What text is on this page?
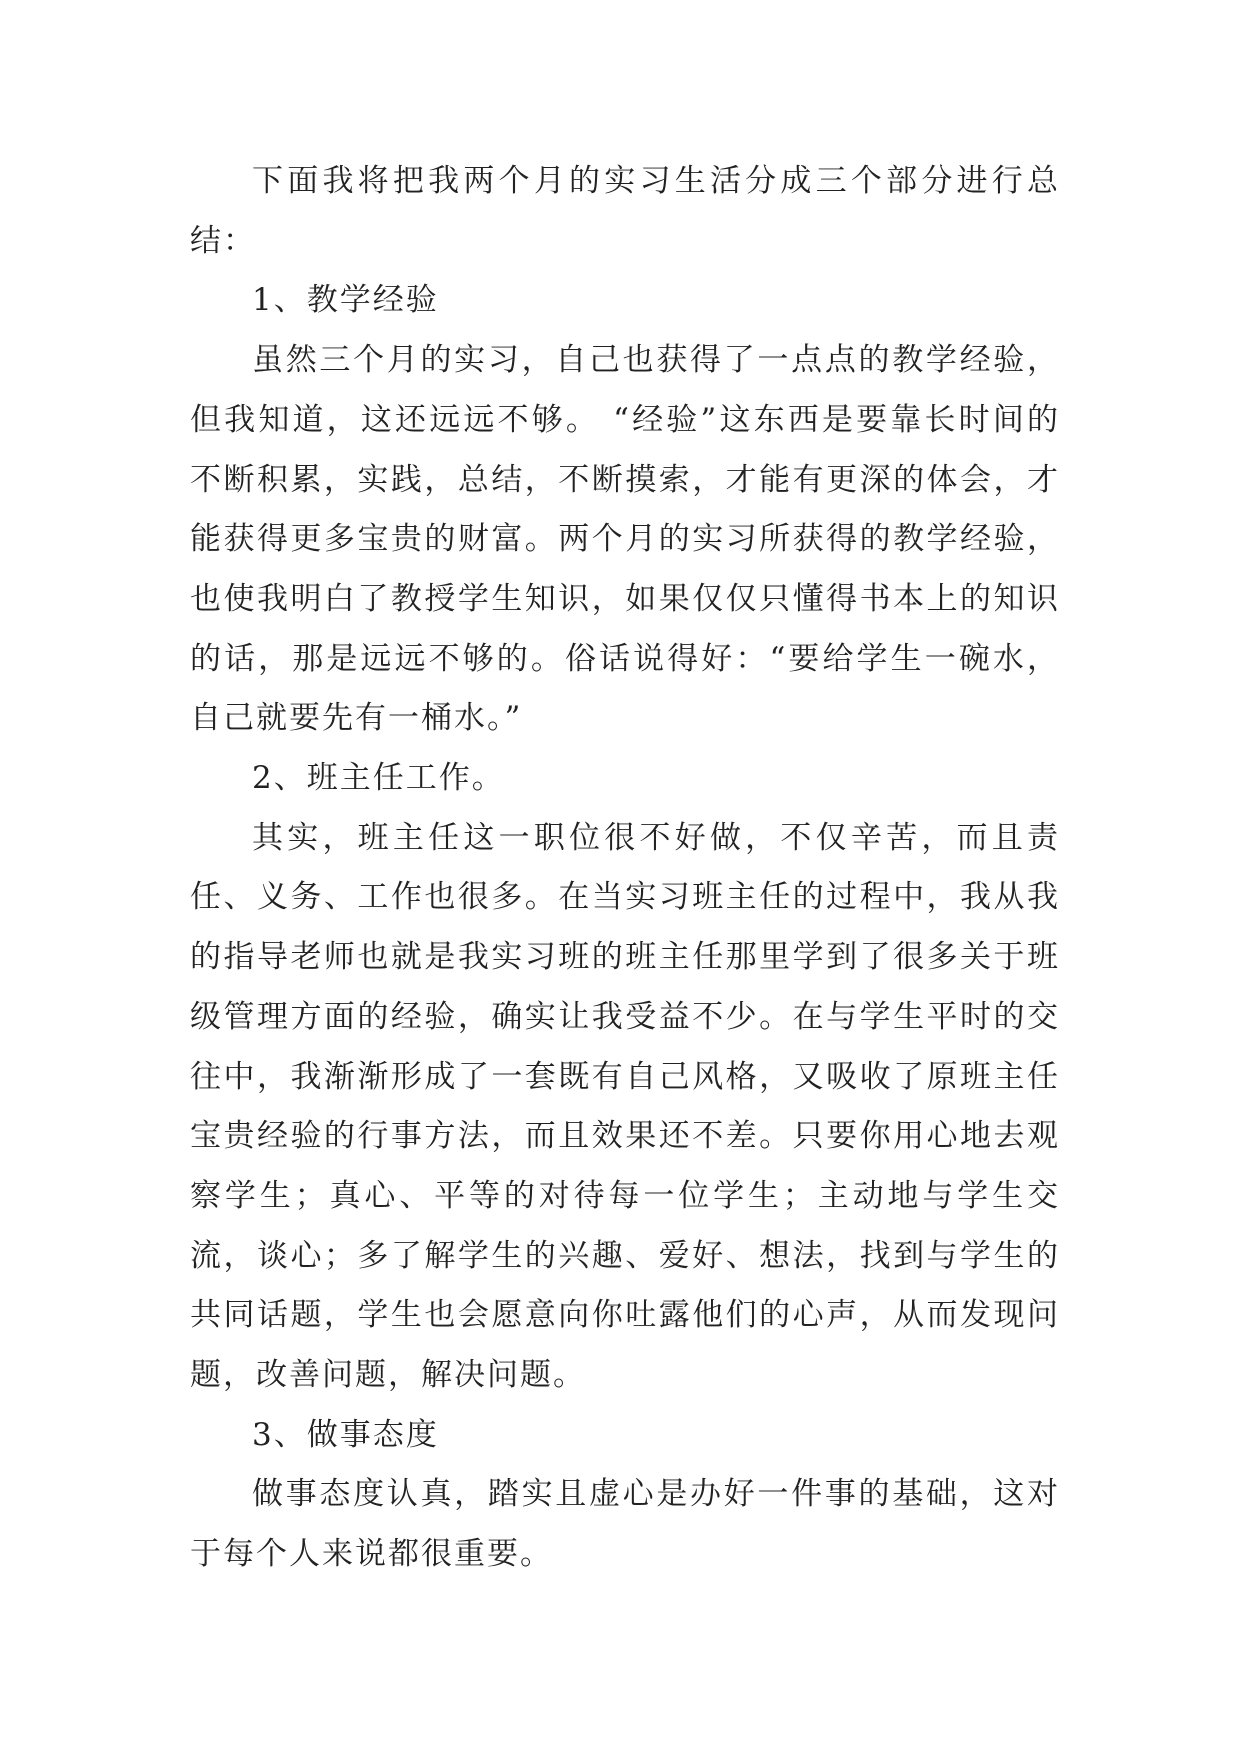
下面我将把我两个月的实习生活分成三个部分进行总结：

1、教学经验

虽然三个月的实习，自己也获得了一点点的教学经验，但我知道，这还远远不够。 “经验”这东西是要靠长时间的不断积累，实践，总结，不断摸索，才能有更深的体会，才能获得更多宝贵的财富。两个月的实习所获得的教学经验，也使我明白了教授学生知识，如果仅仅只懂得书本上的知识的话，那是远远不够的。俗话说得好：“要给学生一碗水，自己就要先有一桶水。”

2、班主任工作。

其实，班主任这一职位很不好做，不仅辛苦，而且责任、义务、工作也很多。在当实习班主任的过程中，我从我的指导老师也就是我实习班的班主任那里学到了很多关于班级管理方面的经验，确实让我受益不少。在与学生平时的交往中，我渐渐形成了一套既有自己风格，又吸收了原班主任宝贵经验的行事方法，而且效果还不差。只要你用心地去观察学生；真心、平等的对待每一位学生；主动地与学生交流，谈心；多了解学生的兴趣、爱好、想法，找到与学生的共同话题，学生也会愿意向你吐露他们的心声，从而发现问题，改善问题，解决问题。

3、做事态度

做事态度认真，踏实且虚心是办好一件事的基础，这对于每个人来说都很重要。
